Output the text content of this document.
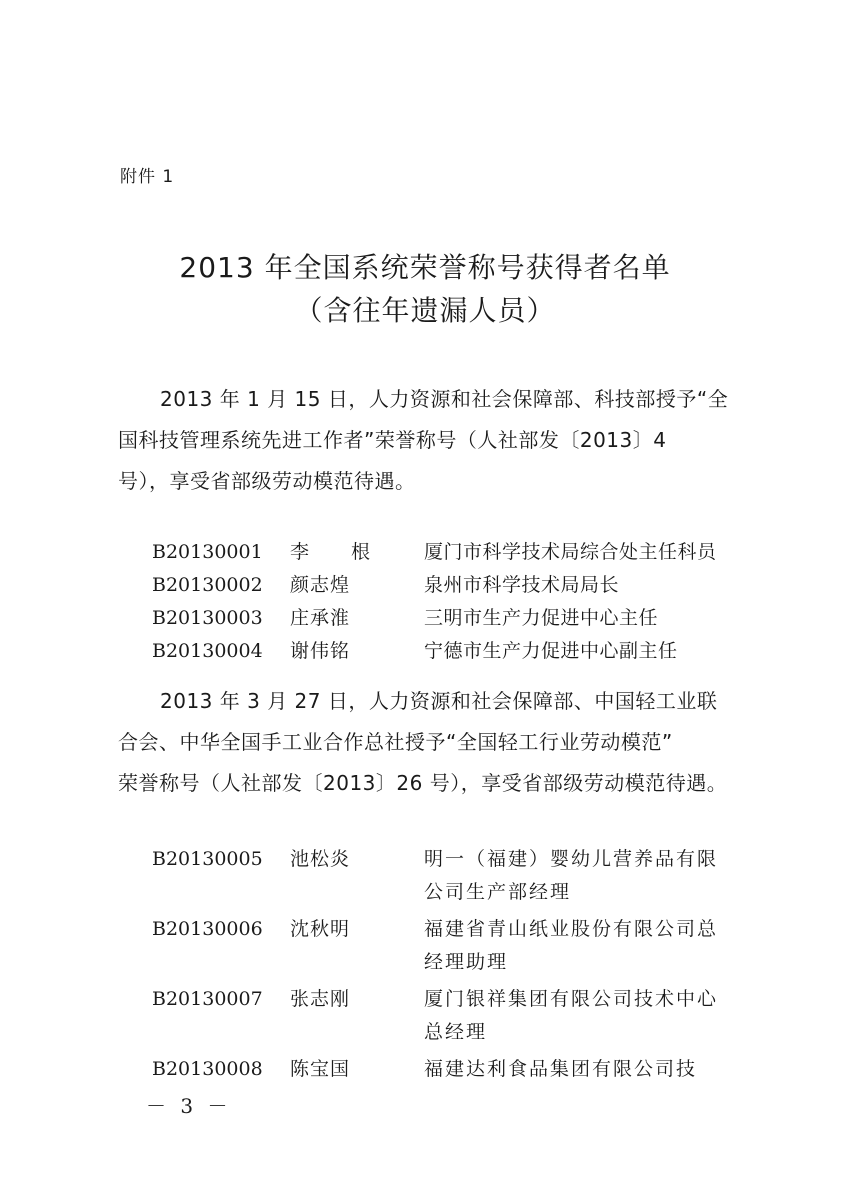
附件 1
2013 年全国系统荣誉称号获得者名单
（含往年遗漏人员）
2013 年 1 月 15 日，人力资源和社会保障部、科技部授予“全
国科技管理系统先进工作者”荣誉称号（人社部发〔2013〕4
号），享受省部级劳动模范待遇。
B20130001 李 根 厦门市科学技术局综合处主任科员
B20130002 颜志煌	泉州市科学技术局局长
B20130003 庄承淮	三明市生产力促进中心主任
B20130004 谢伟铭	宁德市生产力促进中心副主任
2013 年 3 月 27 日，人力资源和社会保障部、中国轻工业联
合会、中华全国手工业合作总社授予“全国轻工行业劳动模范”
荣誉称号（人社部发〔2013〕26 号），享受省部级劳动模范待遇。
B20130005 池松炎	明一（福建）婴幼儿营养品有限公司生产部经理
B20130006 沈秋明	福建省青山纸业股份有限公司总经理助理
B20130007 张志刚	厦门银祥集团有限公司技术中心总经理
B20130008 陈宝国	福建达利食品集团有限公司技
－ 3 －
